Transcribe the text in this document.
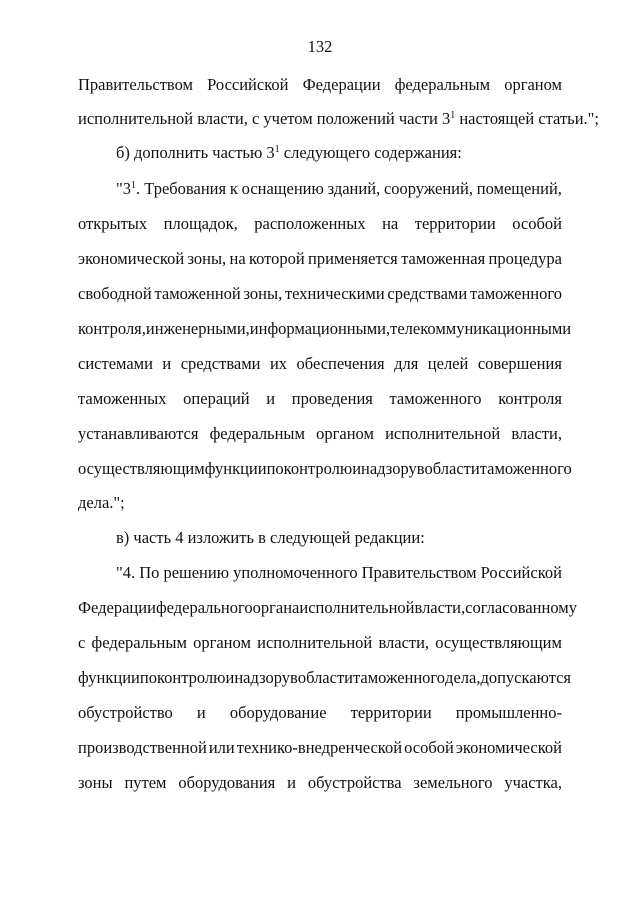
132
Правительством Российской Федерации федеральным органом
исполнительной власти, с учетом положений части $3^1$ настоящей статьи.";
б) дополнить частью $3^1$ следующего содержания:
"$3^1$. Требования к оснащению зданий, сооружений, помещений,
открытых площадок, расположенных на территории особой
экономической зоны, на которой применяется таможенная процедура
свободной таможенной зоны, техническими средствами таможенного
контроля, инженерными, информационными, телекоммуникационными
системами и средствами их обеспечения для целей совершения
таможенных операций и проведения таможенного контроля
устанавливаются федеральным органом исполнительной власти,
осуществляющим функции по контролю и надзору в области таможенного
дела.";
в) часть 4 изложить в следующей редакции:
"4. По решению уполномоченного Правительством Российской
Федерации федерального органа исполнительной власти, согласованному
с федеральным органом исполнительной власти, осуществляющим
функции по контролю и надзору в области таможенного дела, допускаются
обустройство и оборудование территории промышленно-
производственной или технико-внедренческой особой экономической
зоны путем оборудования и обустройства земельного участка,
